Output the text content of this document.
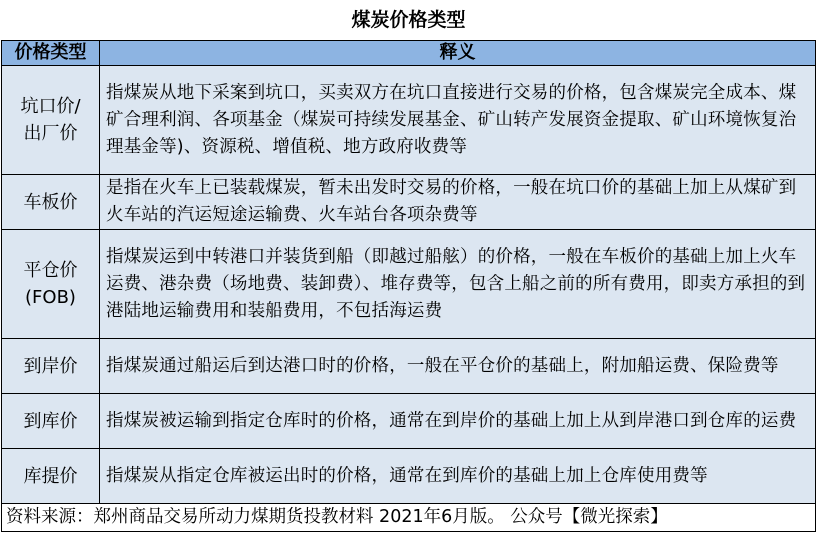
煤炭价格类型
价格类型	释义
坑口价/
出厂价	指煤炭从地下采案到坑口，买卖双方在坑口直接进行交易的价格，包含煤炭完全成本、煤矿合理利润、各项基金（煤炭可持续发展基金、矿山转产发展资金提取、矿山环境恢复治理基金等)、资源税、增值税、地方政府收费等
车板价	是指在火车上已装载煤炭，暂未出发时交易的价格，一般在坑口价的基础上加上从煤矿到火车站的汽运短途运输费、火车站台各项杂费等
平仓价
(FOB)	指煤炭运到中转港口并装货到船（即越过船舷）的价格，一般在车板价的基础上加上火车运费、港杂费（场地费、装卸费）、堆存费等，包含上船之前的所有费用，即卖方承担的到港陆地运输费用和装船费用，不包括海运费
到岸价	指煤炭通过船运后到达港口时的价格，一般在平仓价的基础上，附加船运费、保险费等
到库价	指煤炭被运输到指定仓库时的价格，通常在到岸价的基础上加上从到岸港口到仓库的运费
库提价	指煤炭从指定仓库被运出时的价格，通常在到库价的基础上加上仓库使用费等
资料来源：郑州商品交易所动力煤期货投教材料 2021年6月版。 公众号【微光探索】	
